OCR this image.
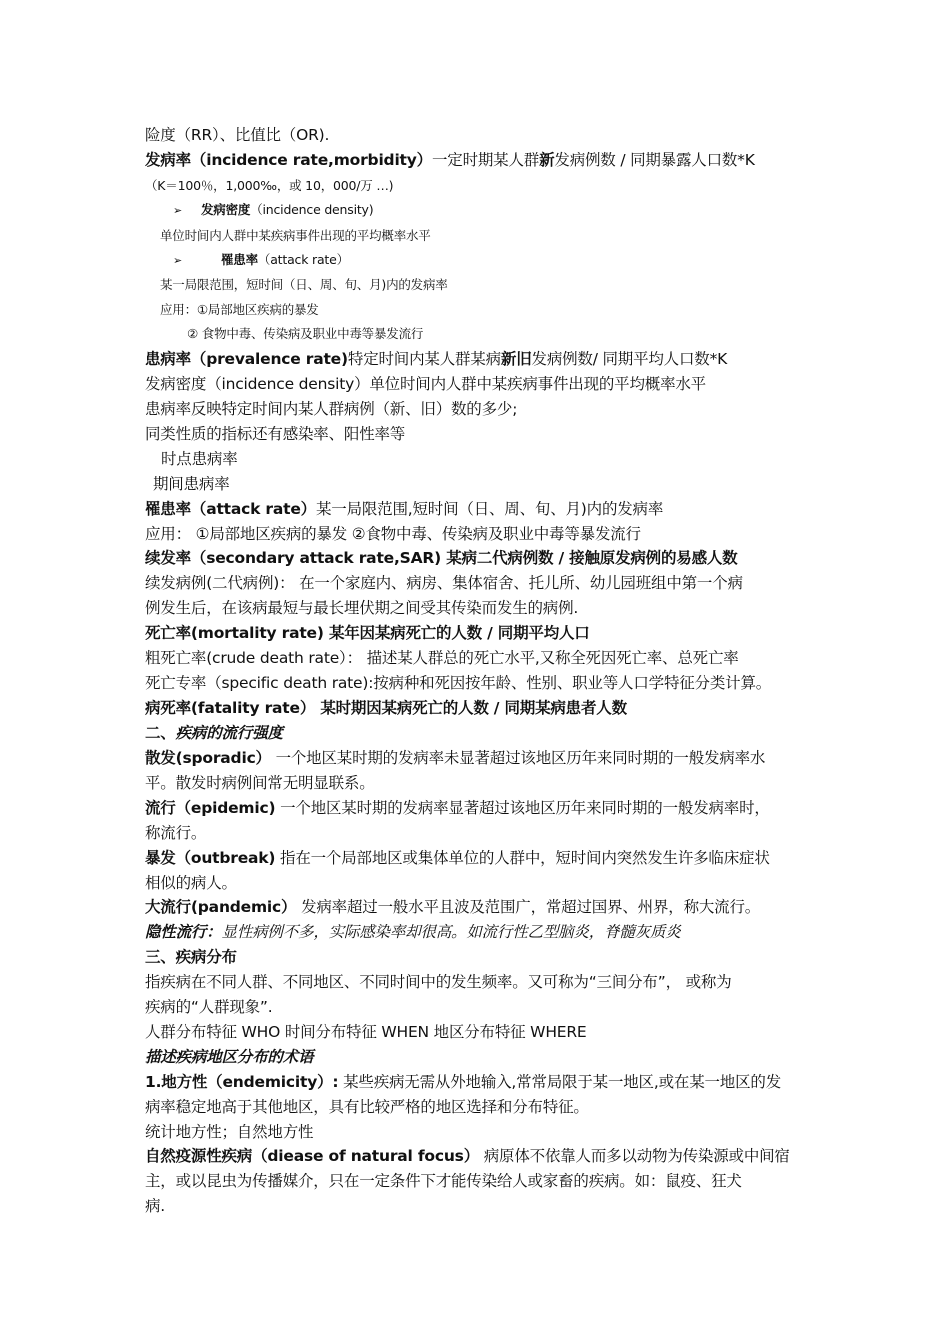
险度（RR）、比值比（OR).
发病率（incidence rate,morbidity）一定时期某人群新发病例数 / 同期暴露人口数*K
（K＝100％，1,000‰，或 10，000/万 …)
➢ 发病密度（incidence density)
单位时间内人群中某疾病事件出现的平均概率水平
➢	罹患率（attack rate）
某一局限范围，短时间（日、周、旬、月)内的发病率
应用：①局部地区疾病的暴发
② 食物中毒、传染病及职业中毒等暴发流行
患病率（prevalence rate)特定时间内某人群某病新旧发病例数/ 同期平均人口数*K
发病密度（incidence density）单位时间内人群中某疾病事件出现的平均概率水平
患病率反映特定时间内某人群病例（新、旧）数的多少;
同类性质的指标还有感染率、阳性率等
时点患病率
期间患病率
罹患率（attack rate）某一局限范围,短时间（日、周、旬、月)内的发病率
应用： ①局部地区疾病的暴发 ②食物中毒、传染病及职业中毒等暴发流行
续发率（secondary attack rate,SAR) 某病二代病例数 / 接触原发病例的易感人数
续发病例(二代病例)： 在一个家庭内、病房、集体宿舍、托儿所、幼儿园班组中第一个病
例发生后，在该病最短与最长埋伏期之间受其传染而发生的病例.
死亡率(mortality rate) 某年因某病死亡的人数 / 同期平均人口
粗死亡率(crude death rate）： 描述某人群总的死亡水平,又称全死因死亡率、总死亡率
死亡专率（specific death rate):按病种和死因按年龄、性别、职业等人口学特征分类计算。
病死率(fatality rate） 某时期因某病死亡的人数 / 同期某病患者人数
二、疾病的流行强度
散发(sporadic） 一个地区某时期的发病率未显著超过该地区历年来同时期的一般发病率水
平。散发时病例间常无明显联系。
流行（epidemic) 一个地区某时期的发病率显著超过该地区历年来同时期的一般发病率时，
称流行。
暴发（outbreak) 指在一个局部地区或集体单位的人群中，短时间内突然发生许多临床症状
相似的病人。
大流行(pandemic） 发病率超过一般水平且波及范围广，常超过国界、州界，称大流行。
隐性流行：显性病例不多，实际感染率却很高。如流行性乙型脑炎，脊髓灰质炎
三、疾病分布
指疾病在不同人群、不同地区、不同时间中的发生频率。又可称为“三间分布”， 或称为
疾病的“人群现象”.
人群分布特征 WHO 时间分布特征 WHEN 地区分布特征 WHERE
描述疾病地区分布的术语
1.地方性（endemicity）: 某些疾病无需从外地输入,常常局限于某一地区,或在某一地区的发
病率稳定地高于其他地区，具有比较严格的地区选择和分布特征。
统计地方性；自然地方性
自然疫源性疾病（diease of natural focus） 病原体不依靠人而多以动物为传染源或中间宿
主，或以昆虫为传播媒介，只在一定条件下才能传染给人或家畜的疾病。如：鼠疫、狂犬
病.
